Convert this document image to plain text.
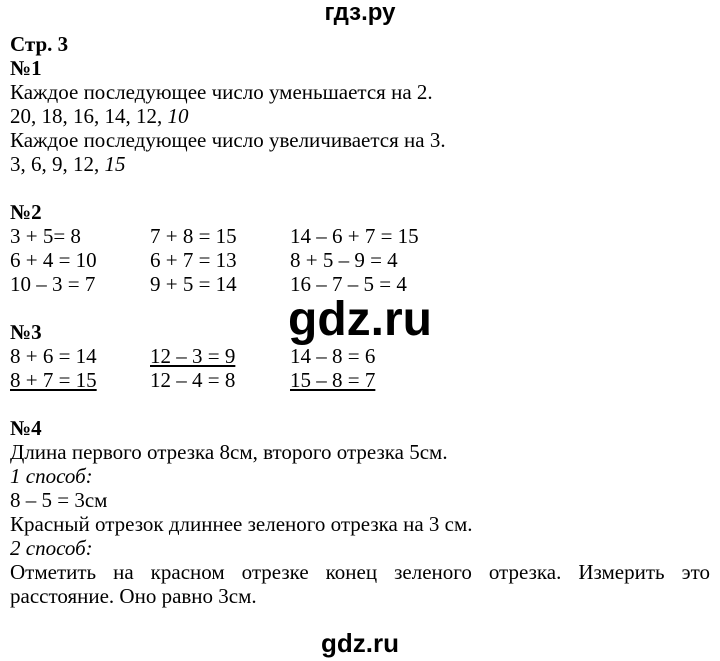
гдз.ру
Стр. 3
№1
Каждое последующее число уменьшается на 2.
20, 18, 16, 14, 12, 10
Каждое последующее число увеличивается на 3.
3, 6, 9, 12, 15
№2
3 + 5= 8	7 + 8 = 15	14 – 6 + 7 = 15
6 + 4 = 10	6 + 7 = 13	8 + 5 – 9 = 4
10 – 3 = 7	9 + 5 = 14	16 – 7 – 5 = 4
№3
8 + 6 = 14	12 – 3 = 9	14 – 8 = 6
8 + 7 = 15	12 – 4 = 8	15 – 8 = 7
№4
Длина первого отрезка 8см, второго отрезка 5см.
1 способ:
8 – 5 = 3см
Красный отрезок длиннее зеленого отрезка на 3 см.
2 способ:
Отметить на красном отрезке конец зеленого отрезка. Измерить это расстояние. Оно равно 3см.
gdz.ru
gdz.ru
